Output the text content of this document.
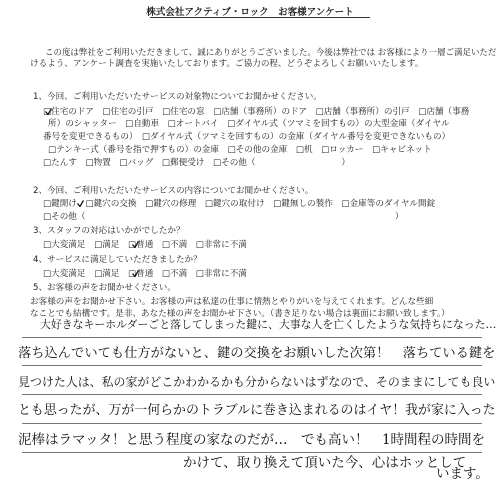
株式会社アクティブ・ロック　お客様アンケート
この度は弊社をご利用いただきまして、誠にありがとうございました。今後は弊社では お客様により一層ご満足いただ
けるよう、アンケート調査を実施いたしております。ご協力の程、どうぞよろしくお願いいたします。

1、今回、ご利用いただいたサービスの対象物についてお聞かせください。
□住宅のドア　□住宅の引戸　□住宅の窓　□店舗（事務所）のドア　□店舗（事務所）の引戸　□店舗（事務
所）のシャッター　□自動車　□オートバイ　□ダイヤル式（ツマミを回すもの）の大型金庫（ダイヤル
番号を変更できるもの）　□ダイヤル式（ツマミを回すもの）の金庫（ダイヤル番号を変更できないもの）
□テンキー式（番号を指で押すもの）の金庫　□その他の金庫　□机　□ロッカー　□キャビネット
□たんす　□物置　□バッグ　□郵便受け　□その他（　　　　　　　　　　）

2、今回、ご利用いただいたサービスの内容についてお聞かせください。
□鍵開け　□鍵穴の交換　□鍵穴の修理　□鍵穴の取付け　□鍵無しの製作　□金庫等のダイヤル開錠
□その他（　　　　　　　　　　　　　　　　　　　　　　　　　　　　　　　　　　　　）
3、スタッフの対応はいかがでしたか？
□大変満足　□満足　□普通　□不満　□非常に不満
4、サービスに満足していただきましたか？
□大変満足　□満足　□普通　□不満　□非常に不満
5、お客様の声をお聞かせください。
お客様の声をお聞かせ下さい。お客様の声は私達の仕事に情熱とやりがいを与えてくれます。どんな些細
なことでも結構です。是非、あなた様の声をお聞かせ下さい。（書き足りない場合は裏面にお願い致します。）
大好きなキーホルダーごと落してしまった鍵に、大事な人を亡くしたような気持ちになった…
落ち込んでいても仕方がないと、鍵の交換をお願いした次第！　落ちている鍵を
見つけた人は、私の家がどこかわかるかも分からないはずなので、そのままにしても良い
とも思ったが、万が一何らかのトラブルに巻き込まれるのはイヤ！我が家に入った
泥棒はラマッタ！と思う程度の家なのだが…　でも高い！　1時間程の時間を
かけて、取り換えて頂いた今、心はホッとして
います。
